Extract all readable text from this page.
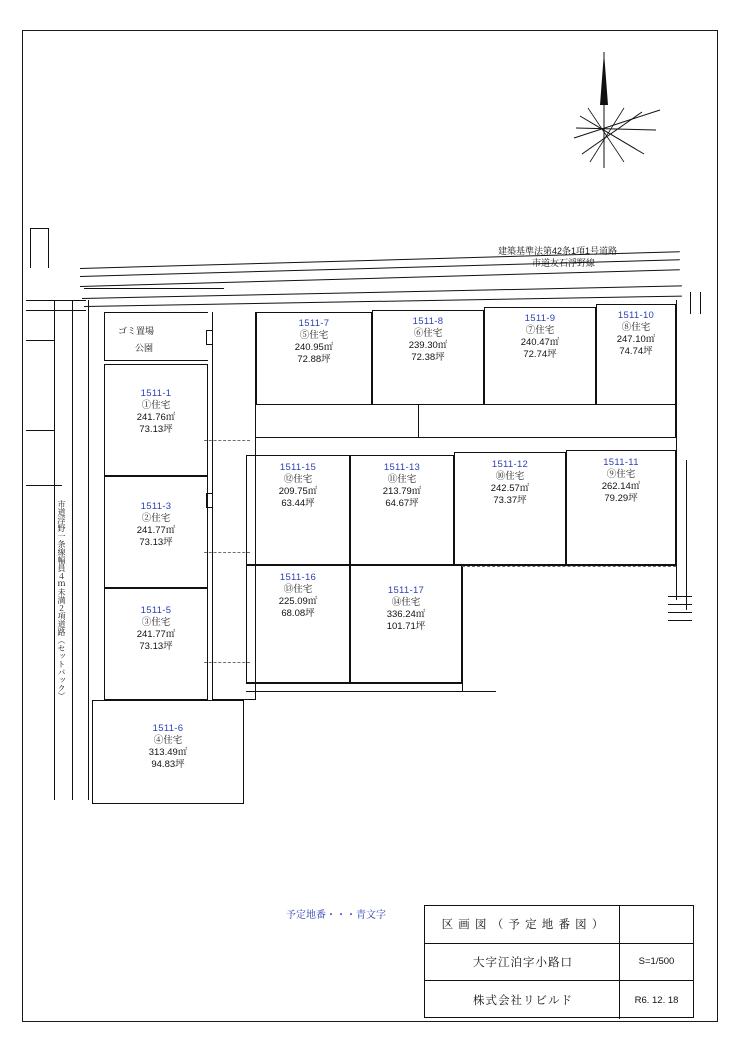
市道浮野一条線幅員４ｍ未満２項道路（セットバック）
建築基準法第42条1項1号道路
市道友石浮野線
ゴミ置場
公園
1511-7
⑤住宅
240.95㎡
72.88坪
1511-8
⑥住宅
239.30㎡
72.38坪
1511-9
⑦住宅
240.47㎡
72.74坪
1511-10
⑧住宅
247.10㎡
74.74坪
1511-1
①住宅
241.76㎡
73.13坪
1511-3
②住宅
241.77㎡
73.13坪
1511-5
③住宅
241.77㎡
73.13坪
1511-6
④住宅
313.49㎡
94.83坪
1511-15
⑫住宅
209.75㎡
63.44坪
1511-13
⑪住宅
213.79㎡
64.67坪
1511-12
⑩住宅
242.57㎡
73.37坪
1511-11
⑨住宅
262.14㎡
79.29坪
1511-16
⑬住宅
225.09㎡
68.08坪
1511-17
⑭住宅
336.24㎡
101.71坪
予定地番・・・青文字
区 画 図 （ 予 定 地 番 図 ）
大字江泊字小路口	S=1/500
株式会社リビルド	R6. 12. 18
